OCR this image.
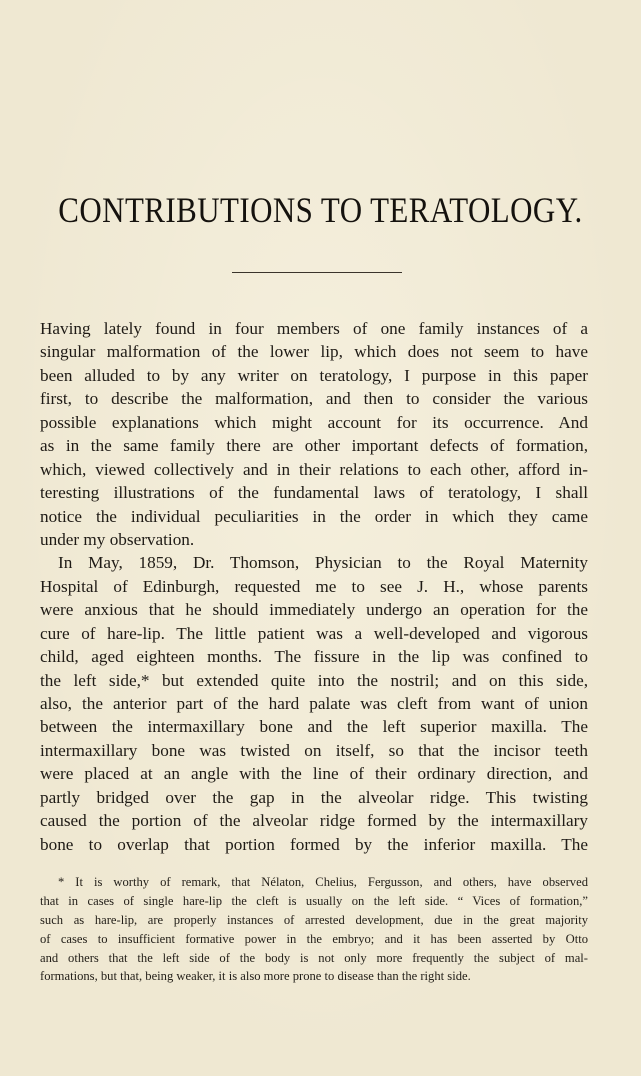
CONTRIBUTIONS TO TERATOLOGY.
Having lately found in four members of one family instances of a
singular malformation of the lower lip, which does not seem to have
been alluded to by any writer on teratology, I purpose in this paper
first, to describe the malformation, and then to consider the various
possible explanations which might account for its occurrence. And
as in the same family there are other important defects of formation,
which, viewed collectively and in their relations to each other, afford in-
teresting illustrations of the fundamental laws of teratology, I shall
notice the individual peculiarities in the order in which they came
under my observation.
In May, 1859, Dr. Thomson, Physician to the Royal Maternity
Hospital of Edinburgh, requested me to see J. H., whose parents
were anxious that he should immediately undergo an operation for the
cure of hare-lip. The little patient was a well-developed and vigorous
child, aged eighteen months. The fissure in the lip was confined to
the left side,* but extended quite into the nostril; and on this side,
also, the anterior part of the hard palate was cleft from want of union
between the intermaxillary bone and the left superior maxilla. The
intermaxillary bone was twisted on itself, so that the incisor teeth
were placed at an angle with the line of their ordinary direction, and
partly bridged over the gap in the alveolar ridge. This twisting
caused the portion of the alveolar ridge formed by the intermaxillary
bone to overlap that portion formed by the inferior maxilla. The
* It is worthy of remark, that Nélaton, Chelius, Fergusson, and others, have observed
that in cases of single hare-lip the cleft is usually on the left side. “ Vices of formation,”
such as hare-lip, are properly instances of arrested development, due in the great majority
of cases to insufficient formative power in the embryo; and it has been asserted by Otto
and others that the left side of the body is not only more frequently the subject of mal-
formations, but that, being weaker, it is also more prone to disease than the right side.
